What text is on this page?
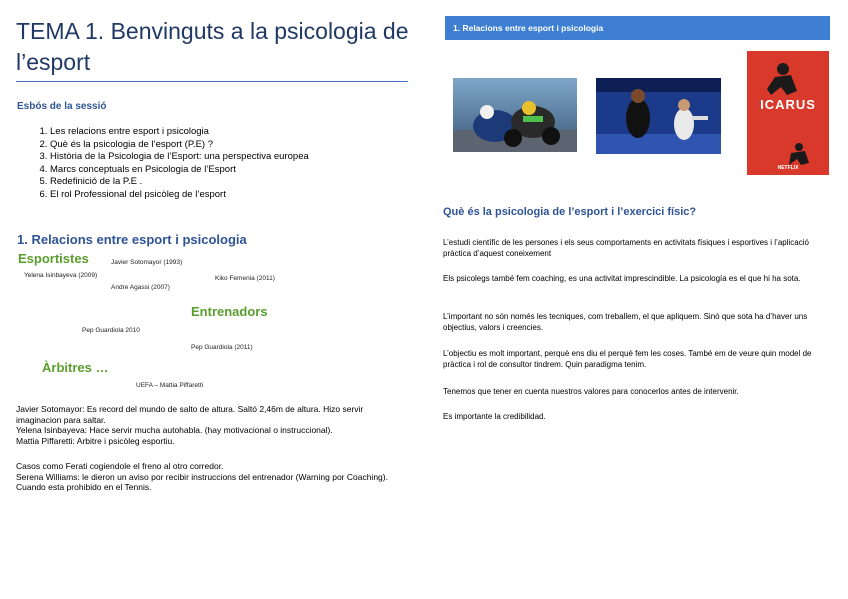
TEMA 1. Benvinguts a la psicologia de l’esport
Esbós de la sessió
1. Les relacions entre esport i psicologia
2. Què és la psicologia de l’esport (P.E) ?
3. Història de la Psicologia de l’Esport: una perspectiva europea
4. Marcs conceptuals en Psicologia de l’Esport
5. Redefinició de la P.E .
6. El rol Professional del psicòleg de l’esport
1. Relacions entre esport i psicologia
Esportistes	Javier Sotomayor (1993)
Yelena Isinbayeva (2009)	Kiko Femenia (2011)
Andre Agassi (2007)
Entrenadors
Pep Guardiola 2010
Pep Guardiola (2011)
Àrbitres …
UEFA – Mattia Piffaretti

Javier Sotomayor: Es record del mundo de salto de altura. Saltó 2,46m de altura. Hizo servir imaginacion para saltar.

Yelena Isinbayeva: Hace servir mucha autohabla. (hay motivacional o instruccional).

Mattia Piffaretti: Arbitre i psicòleg esportiu.

Casos como Ferati cogiendole el freno al otro corredor.

Serena Williams: le dieron un aviso por recibir instruccions del entrenador (Warning por Coaching). Cuando esta prohibido en el Tennis.

1. Relacions entre esport i psicologia
ICARUS
NETFLIX
Què és la psicologia de l’esport i l’exercici físic?
L’estudi científic de les persones i els seus comportaments en activitats físiques i esportives i l’aplicació pràctica d’aquest coneixement
Els psicolegs també fem coaching, es una activitat imprescindible. La psicología es el que hi ha sota.
L’important no són només les tecniques, com treballem, el que apliquem. Sinó que sota ha d’haver uns objectius, valors i creencies.
L’objectiu es molt important, perquè ens diu el perquè fem les coses. També em de veure quin model de pràctica i rol de consultor tindrem. Quin paradigma tenim.
Tenemos que tener en cuenta nuestros valores para conocerlos antes de intervenir.
Es importante la credibilidad.
